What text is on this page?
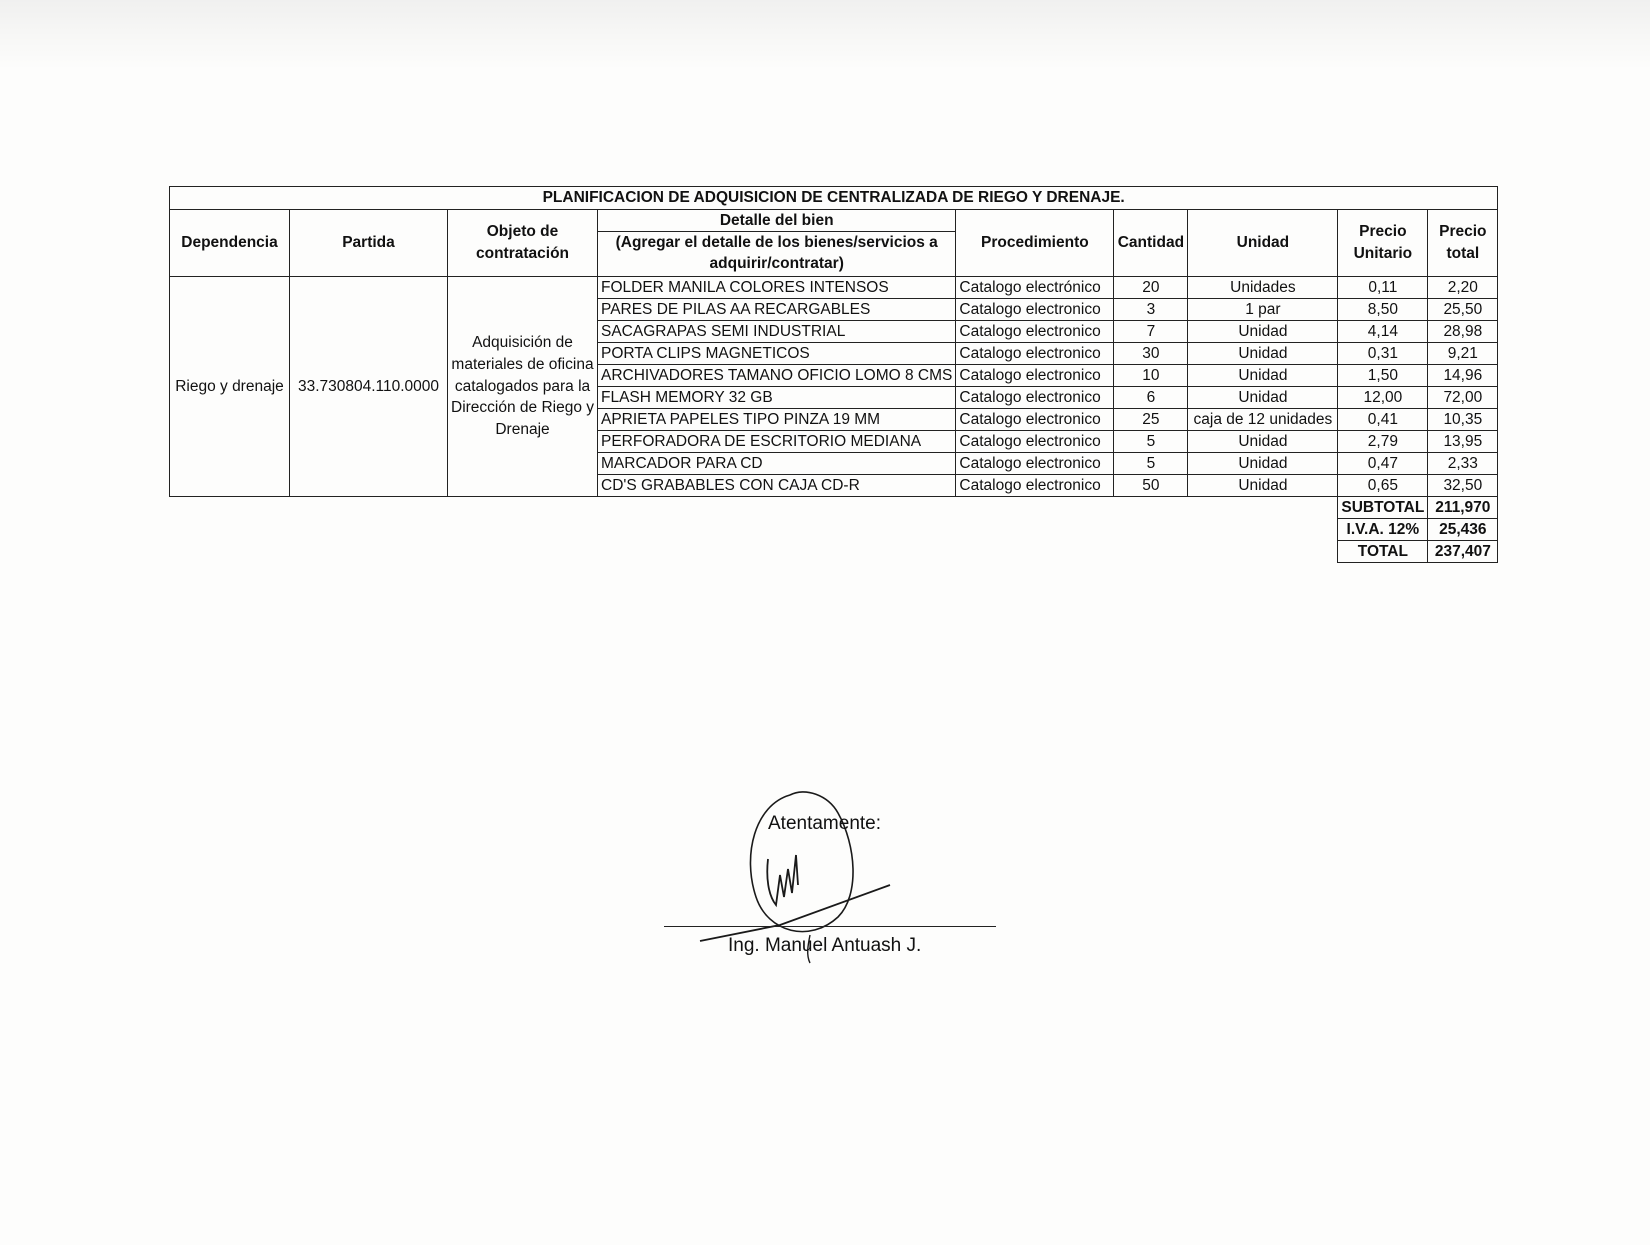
PLANIFICACION DE ADQUISICION DE CENTRALIZADA DE RIEGO Y DRENAJE.								
Dependencia	Partida	Objeto de contratación	Detalle del bien	Procedimiento	Cantidad	Unidad	Precio Unitario	Precio total
			(Agregar el detalle de los bienes/servicios a adquirir/contratar)					
Riego y drenaje	33.730804.110.0000	Adquisición de materiales de oficina catalogados para la Dirección de Riego y Drenaje	FOLDER MANILA COLORES INTENSOS	Catalogo electrónico	20	Unidades	0,11	2,20
			PARES DE PILAS AA RECARGABLES	Catalogo electronico	3	1 par	8,50	25,50
			SACAGRAPAS SEMI INDUSTRIAL	Catalogo electronico	7	Unidad	4,14	28,98
			PORTA CLIPS MAGNETICOS	Catalogo electronico	30	Unidad	0,31	9,21
			ARCHIVADORES TAMANO OFICIO LOMO 8 CMS	Catalogo electronico	10	Unidad	1,50	14,96
			FLASH MEMORY 32 GB	Catalogo electronico	6	Unidad	12,00	72,00
			APRIETA PAPELES TIPO PINZA 19 MM	Catalogo electronico	25	caja de 12 unidades	0,41	10,35
			PERFORADORA DE ESCRITORIO MEDIANA	Catalogo electronico	5	Unidad	2,79	13,95
			MARCADOR PARA CD	Catalogo electronico	5	Unidad	0,47	2,33
			CD'S GRABABLES CON CAJA CD-R	Catalogo electronico	50	Unidad	0,65	32,50
							SUBTOTAL	211,970
							I.V.A. 12%	25,436
							TOTAL	237,407
Atentamente:
Ing. Manuel Antuash J.
